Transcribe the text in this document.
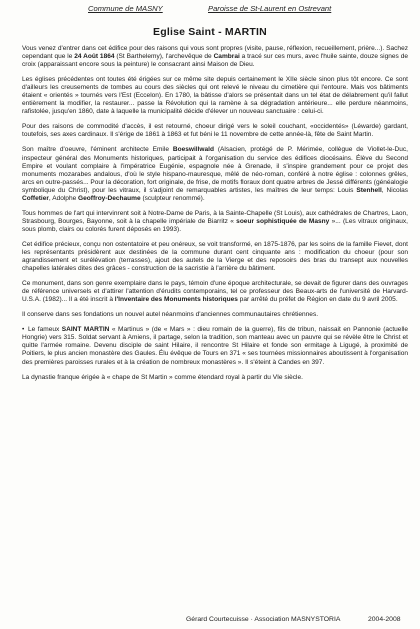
Commune de MASNY	Paroisse de St-Laurent en Ostrevant
Eglise Saint - MARTIN

Vous venez d'entrer dans cet édifice pour des raisons qui vous sont propres (visite, pause, réflexion, recueillement, prière...). Sachez cependant que le 24 Août 1864 (St Barthelemy), l'archevêque de Cambrai a tracé sur ces murs, avec l'huile sainte, douze signes de croix (apparaissant encore sous la peinture) le consacrant ainsi Maison de Dieu.

Les églises précédentes ont toutes été érigées sur ce même site depuis certainement le XIIe siècle sinon plus tôt encore. Ce sont d'ailleurs les creusements de tombes au cours des siècles qui ont relevé le niveau du cimetière qui l'entoure. Mais vos bâtiments étaient « orientés » tournés vers l'Est (Eccelon). En 1780, la bâtisse d'alors se présentait dans un tel état de délabrement qu'il fallut entièrement la modifier, la restaurer... passe la Révolution qui la ramène à sa dégradation antérieure... elle perdure néanmoins, rafistolée, jusqu'en 1860, date à laquelle la municipalité décide d'élever un nouveau sanctuaire : celui-ci.

Pour des raisons de commodité d'accès, il est retourné, choeur dirigé vers le soleil couchant, «occidentés» (Léwarde) gardant, toutefois, ses axes cardinaux. Il s'érige de 1861 à 1863 et fut béni le 11 novembre de cette année-là, fête de Saint Martin.

Son maître d'oeuvre, l'éminent architecte Emile Boeswillwald (Alsacien, protégé de P. Mérimée, collègue de Viollet-le-Duc, inspecteur général des Monuments historiques, participait à l'organisation du service des édifices diocésains. Élève du Second Empire et voulant complaire à l'impératrice Eugénie, espagnole née à Grenade, il s'inspire grandement pour ce projet des monuments mozarabes andalous, d'où le style hispano-mauresque, mêlé de néo-roman, conféré à notre église : colonnes grêles, arcs en outre-passés... Pour la décoration, fort originale, de frise, de motifs floraux dont quatre arbres de Jessé différents (généalogie symbolique du Christ), pour les vitraux, il s'adjoint de remarquables artistes, les maîtres de leur temps: Louis Stenhell, Nicolas Coffetier, Adolphe Geoffroy-Dechaume (sculpteur renommé).

Tous hommes de l'art qui intervinrent soit à Notre-Dame de Paris, à la Sainte-Chapelle (St Louis), aux cathédrales de Chartres, Laon, Strasbourg, Bourges, Bayonne, soit à la chapelle impériale de Biarritz « soeur sophistiquée de Masny »... (Les vitraux originaux, sous plomb, clairs ou colorés furent déposés en 1993).

Cet édifice précieux, conçu non ostentatoire et peu onéreux, se voit transformé, en 1875-1876, par les soins de la famille Fievet, dont les représentants présidèrent aux destinées de la commune durant cent cinquante ans : modification du choeur (pour son agrandissement et surélévation (terrasses), ajout des autels de la Vierge et des reposoirs des bras du transept aux nouvelles chapelles latérales dites des grâces - construction de la sacristie à l'arrière du bâtiment.

Ce monument, dans son genre exemplaire dans le pays, témoin d'une époque architecturale, se devait de figurer dans des ouvrages de référence universels et d'attirer l'attention d'érudits contemporains, tel ce professeur des Beaux-arts de l'université de Harvard-U.S.A. (1982)... Il a été inscrit à l'Inventaire des Monuments historiques par arrêté du préfet de Région en date du 9 avril 2005.

Il conserve dans ses fondations un nouvel autel néanmoins d'anciennes communautaires chrétiennes.

• Le fameux SAINT MARTIN « Martinus » (de « Mars » : dieu romain de la guerre), fils de tribun, naissait en Pannonie (actuelle Hongrie) vers 315. Soldat servant à Amiens, il partage, selon la tradition, son manteau avec un pauvre qui se révèle être le Christ et quitte l'armée romaine. Devenu disciple de saint Hilaire, il rencontre St Hilaire et fonde son ermitage à Ligugé, à proximité de Poitiers, le plus ancien monastère des Gaules. Élu évêque de Tours en 371 « ses tournées missionnaires aboutissent à l'organisation des premières paroisses rurales et à la création de nombreux monastères ». Il s'éteint à Candes en 397.

La dynastie franque érigée à « chape de St Martin » comme étendard royal à partir du VIe siècle.

Gérard Courtecuisse · Association MASNYSTORIA	2004-2008
